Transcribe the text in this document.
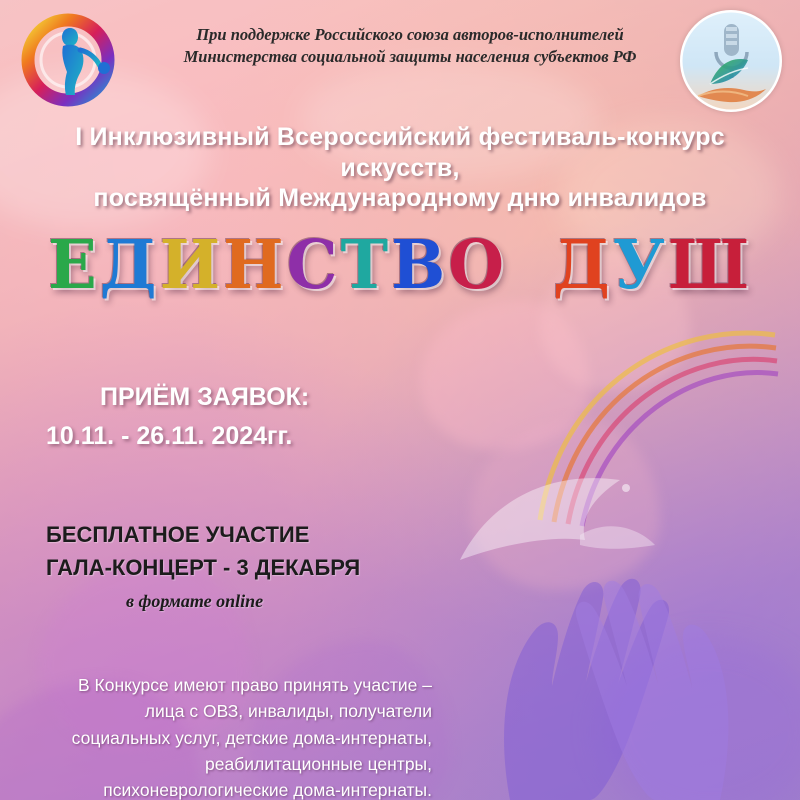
При поддержке Российского союза авторов-исполнителей
Министерства социальной защиты населения субъектов РФ
I Инклюзивный Всероссийский фестиваль-конкурс
искусств,
посвящённый Международному дню инвалидов
ЕДИНСТВО ДУШ
ПРИЁМ ЗАЯВОК:
10.11. - 26.11. 2024гг.
БЕСПЛАТНОЕ УЧАСТИЕ
ГАЛА-КОНЦЕРТ - 3 ДЕКАБРЯ
в формате online
В Конкурсе имеют право принять участие –
лица с ОВЗ, инвалиды, получатели
социальных услуг, детские дома-интернаты,
реабилитационные центры,
психоневрологические дома-интернаты.
